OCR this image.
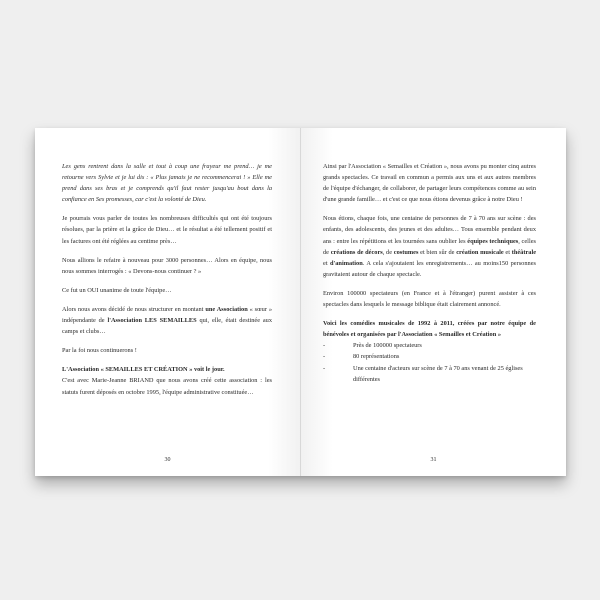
Les gens rentrent dans la salle et tout à coup une frayeur me prend… je me retourne vers Sylvie et je lui dis : « Plus jamais je ne recommencerai ! » Elle me prend dans ses bras et je comprends qu'il faut rester jusqu'au bout dans la confiance en Ses promesses, car c'est la volonté de Dieu.

Je pourrais vous parler de toutes les nombreuses difficultés qui ont été toujours résolues, par la prière et la grâce de Dieu… et le résultat a été tellement positif et les factures ont été réglées au centime près…

Nous allions le refaire à nouveau pour 3000 personnes… Alors en équipe, nous nous sommes interrogés : « Devons-nous continuer ? »

Ce fut un OUI unanime de toute l'équipe…

Alors nous avons décidé de nous structurer en montant une Association « sœur » indépendante de l'Association LES SEMAILLES qui, elle, était destinée aux camps et clubs…

Par la foi nous continuerons !

L'Association « SEMAILLES ET CRÉATION » voit le jour.
C'est avec Marie-Jeanne BRIAND que nous avons créé cette association : les statuts furent déposés en octobre 1995, l'équipe administrative constituée…

30

Ainsi par l'Association « Semailles et Création », nous avons pu monter cinq autres grands spectacles. Ce travail en commun a permis aux uns et aux autres membres de l'équipe d'échanger, de collaborer, de partager leurs compétences comme au sein d'une grande famille… et c'est ce que nous étions devenus grâce à notre Dieu !

Nous étions, chaque fois, une centaine de personnes de 7 à 70 ans sur scène : des enfants, des adolescents, des jeunes et des adultes… Tous ensemble pendant deux ans : entre les répétitions et les tournées sans oublier les équipes techniques, celles de créations de décors, de costumes et bien sûr de création musicale et théâtrale et d'animation. A cela s'ajoutaient les enregistrements… au moins150 personnes gravitaient autour de chaque spectacle.

Environ 100000 spectateurs (en France et à l'étranger) purent assister à ces spectacles dans lesquels le message biblique était clairement annoncé.

Voici les comédies musicales de 1992 à 2011, créées par notre équipe de bénévoles et organisées par l'Association « Semailles et Création »

- Près de 100000 spectateurs
- 80 représentations
- Une centaine d'acteurs sur scène de 7 à 70 ans venant de 25 églises différentes
31
